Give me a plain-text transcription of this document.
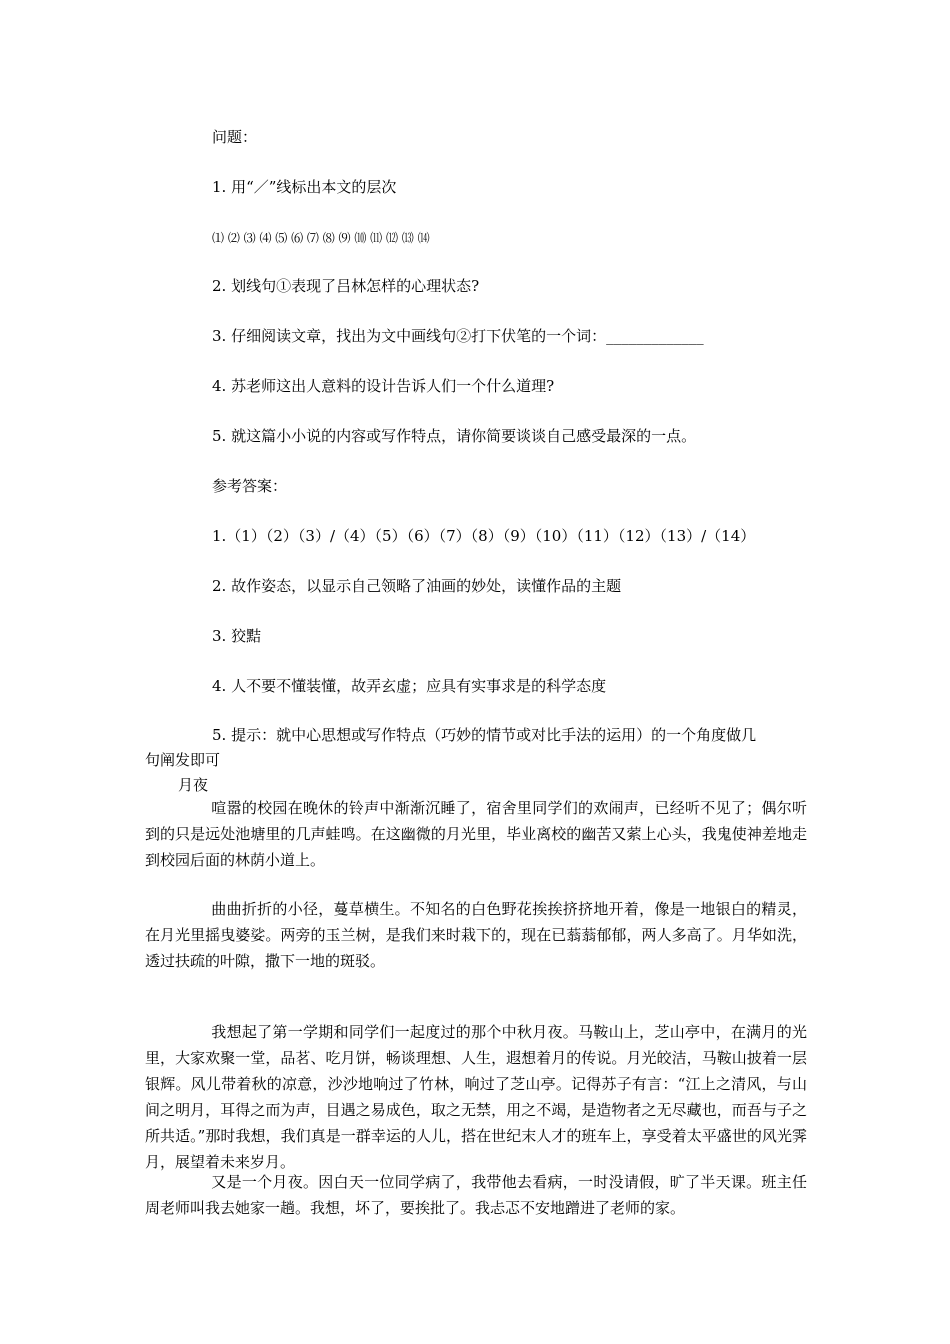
问题：
1. 用“／”线标出本文的层次
⑴ ⑵ ⑶ ⑷ ⑸ ⑹ ⑺ ⑻ ⑼ ⑽ ⑾ ⑿ ⒀ ⒁
2. 划线句①表现了吕林怎样的心理状态?
3. 仔细阅读文章，找出为文中画线句②打下伏笔的一个词：_____________
4. 苏老师这出人意料的设计告诉人们一个什么道理?
5. 就这篇小小说的内容或写作特点，请你简要谈谈自己感受最深的一点。
参考答案：
1.（1）（2）（3）/（4）（5）（6）（7）（8）（9）（10）（11）（12）（13）/（14）
2. 故作姿态，以显示自己领略了油画的妙处，读懂作品的主题
3. 狡黠
4. 人不要不懂装懂，故弄玄虚；应具有实事求是的科学态度
5. 提示：就中心思想或写作特点（巧妙的情节或对比手法的运用）的一个角度做几
句阐发即可
月夜
喧嚣的校园在晚休的铃声中渐渐沉睡了，宿舍里同学们的欢闹声，已经听不见了；偶尔听到的只是远处池塘里的几声蛙鸣。在这幽微的月光里，毕业离校的幽苦又萦上心头，我鬼使神差地走到校园后面的林荫小道上。
曲曲折折的小径，蔓草横生。不知名的白色野花挨挨挤挤地开着，像是一地银白的精灵，在月光里摇曳婆娑。两旁的玉兰树，是我们来时栽下的，现在已蓊蓊郁郁，两人多高了。月华如洗，透过扶疏的叶隙，撒下一地的斑驳。
我想起了第一学期和同学们一起度过的那个中秋月夜。马鞍山上，芝山亭中，在满月的光里，大家欢聚一堂，品茗、吃月饼，畅谈理想、人生，遐想着月的传说。月光皎洁，马鞍山披着一层银辉。风儿带着秋的凉意，沙沙地响过了竹林，响过了芝山亭。记得苏子有言：“江上之清风，与山间之明月，耳得之而为声，目遇之易成色，取之无禁，用之不竭，是造物者之无尽藏也，而吾与子之所共适。”那时我想，我们真是一群幸运的人儿，搭在世纪末人才的班车上，享受着太平盛世的风光霁月，展望着未来岁月。
又是一个月夜。因白天一位同学病了，我带他去看病，一时没请假，旷了半天课。班主任周老师叫我去她家一趟。我想，坏了，要挨批了。我忐忑不安地蹭进了老师的家。
